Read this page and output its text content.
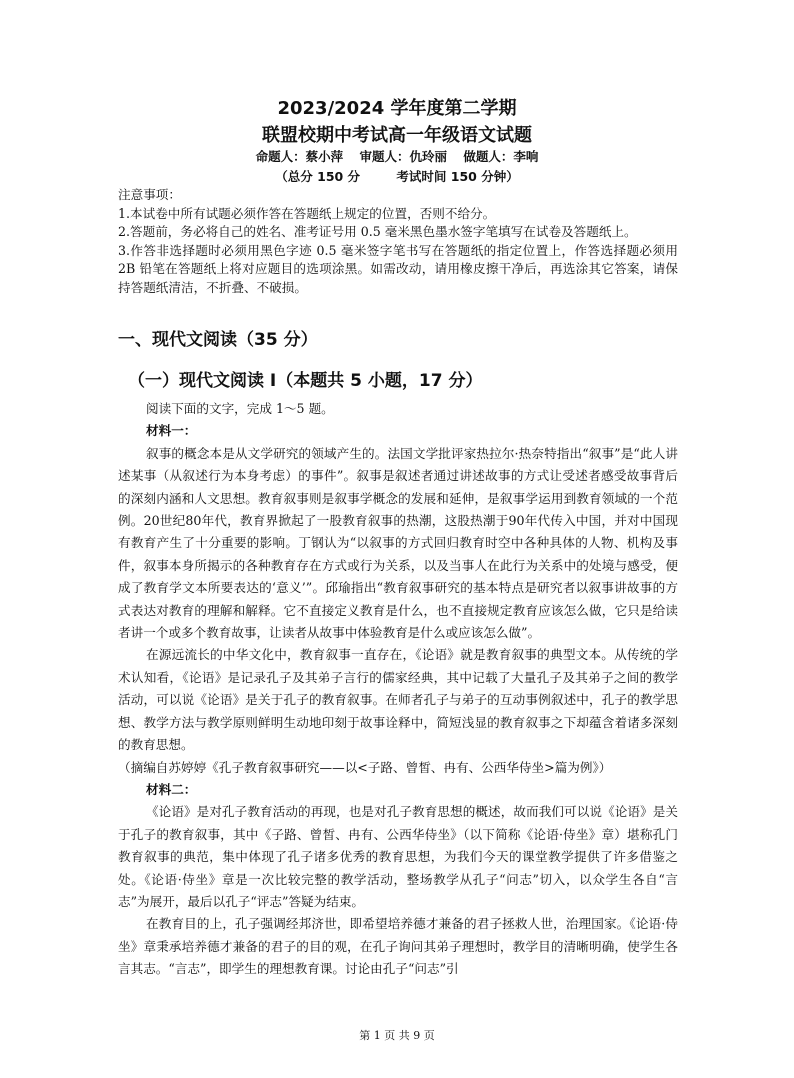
2023/2024 学年度第二学期
联盟校期中考试高一年级语文试题
命题人：蔡小萍 审题人：仇玲丽 做题人：李响
（总分 150 分	考试时间 150 分钟）

注意事项：

1.本试卷中所有试题必须作答在答题纸上规定的位置，否则不给分。

2.答题前，务必将自己的姓名、准考证号用 0.5 毫米黑色墨水签字笔填写在试卷及答题纸上。

3.作答非选择题时必须用黑色字迹 0.5 毫米签字笔书写在答题纸的指定位置上，作答选择题必须用 2B 铅笔在答题纸上将对应题目的选项涂黑。如需改动，请用橡皮擦干净后，再选涂其它答案，请保持答题纸清洁，不折叠、不破损。

一、现代文阅读（35 分）
（一）现代文阅读 I（本题共 5 小题，17 分）

阅读下面的文字，完成 1～5 题。

材料一：

叙事的概念本是从文学研究的领域产生的。法国文学批评家热拉尔·热奈特指出“叙事”是“此人讲述某事（从叙述行为本身考虑）的事件”。叙事是叙述者通过讲述故事的方式让受述者感受故事背后的深刻内涵和人文思想。教育叙事则是叙事学概念的发展和延伸，是叙事学运用到教育领域的一个范例。20世纪80年代，教育界掀起了一股教育叙事的热潮，这股热潮于90年代传入中国，并对中国现有教育产生了十分重要的影响。丁钢认为“以叙事的方式回归教育时空中各种具体的人物、机构及事件，叙事本身所揭示的各种教育存在方式或行为关系，以及当事人在此行为关系中的处境与感受，便成了教育学文本所要表达的‘意义’”。邱瑜指出“教育叙事研究的基本特点是研究者以叙事讲故事的方式表达对教育的理解和解释。它不直接定义教育是什么，也不直接规定教育应该怎么做，它只是给读者讲一个或多个教育故事，让读者从故事中体验教育是什么或应该怎么做”。

在源远流长的中华文化中，教育叙事一直存在，《论语》就是教育叙事的典型文本。从传统的学术认知看，《论语》是记录孔子及其弟子言行的儒家经典，其中记载了大量孔子及其弟子之间的教学活动，可以说《论语》是关于孔子的教育叙事。在师者孔子与弟子的互动事例叙述中，孔子的教学思想、教学方法与教学原则鲜明生动地印刻于故事诠释中，简短浅显的教育叙事之下却蕴含着诸多深刻的教育思想。

（摘编自苏婷婷《孔子教育叙事研究——以<子路、曾皙、冉有、公西华侍坐>篇为例》）

材料二：

《论语》是对孔子教育活动的再现，也是对孔子教育思想的概述，故而我们可以说《论语》是关于孔子的教育叙事，其中《子路、曾皙、冉有、公西华侍坐》（以下简称《论语·侍坐》章）堪称孔门教育叙事的典范，集中体现了孔子诸多优秀的教育思想，为我们今天的课堂教学提供了许多借鉴之处。《论语·侍坐》章是一次比较完整的教学活动，整场教学从孔子“问志”切入，以众学生各自“言志”为展开，最后以孔子“评志”答疑为结束。

在教育目的上，孔子强调经邦济世，即希望培养德才兼备的君子拯救人世，治理国家。《论语·侍坐》章秉承培养德才兼备的君子的目的观，在孔子询问其弟子理想时，教学目的清晰明确，使学生各言其志。“言志”，即学生的理想教育课。讨论由孔子“问志”引

第 1 页 共 9 页
